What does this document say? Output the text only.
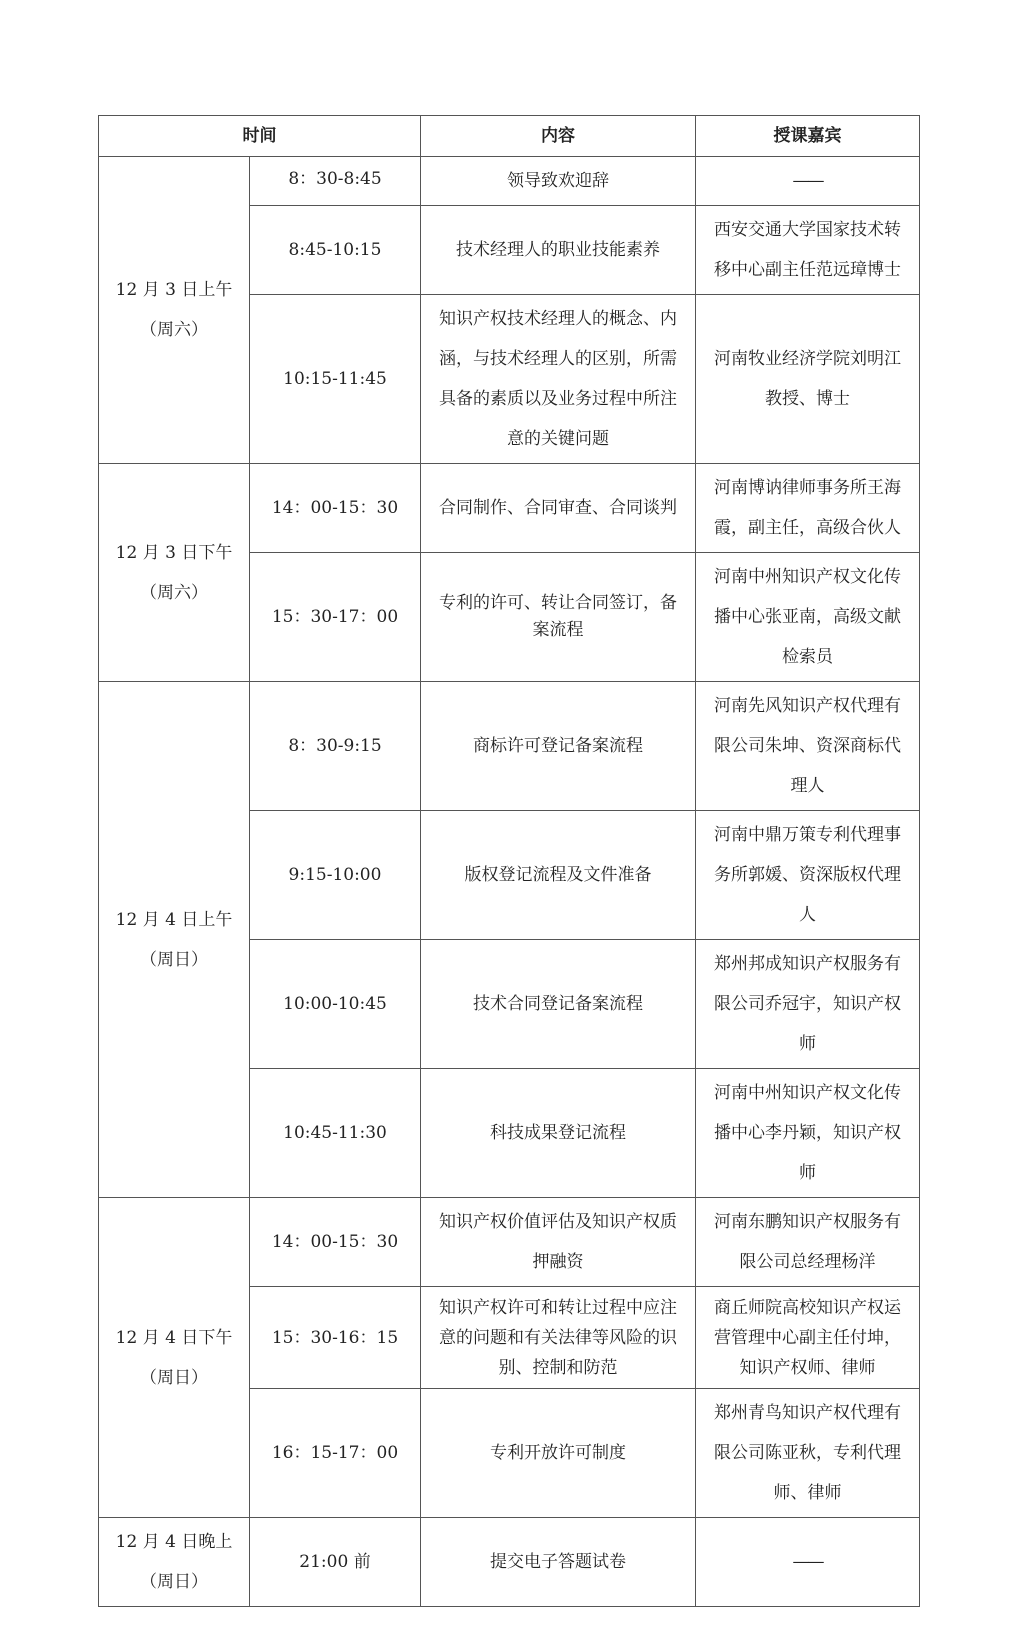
时间		内容	授课嘉宾

12 月 3 日上午
（周六）	8：30-8:45	领导致欢迎辞	——
	8:45-10:15	技术经理人的职业技能素养	西安交通大学国家技术转移中心副主任范远璋博士
	10:15-11:45	知识产权技术经理人的概念、内涵，与技术经理人的区别，所需具备的素质以及业务过程中所注意的关键问题	河南牧业经济学院刘明江教授、博士

12 月 3 日下午
（周六）	14：00-15：30	合同制作、合同审查、合同谈判	河南博讷律师事务所王海霞，副主任，高级合伙人
	15：30-17：00	专利的许可、转让合同签订，备案流程	河南中州知识产权文化传播中心张亚南，高级文献检索员

12 月 4 日上午
（周日）	8：30-9:15	商标许可登记备案流程	河南先风知识产权代理有限公司朱坤、资深商标代理人
	9:15-10:00	版权登记流程及文件准备	河南中鼎万策专利代理事务所郭媛、资深版权代理人
	10:00-10:45	技术合同登记备案流程	郑州邦成知识产权服务有限公司乔冠宇，知识产权师
	10:45-11:30	科技成果登记流程	河南中州知识产权文化传播中心李丹颖，知识产权师

12 月 4 日下午
（周日）	14：00-15：30	知识产权价值评估及知识产权质押融资	河南东鹏知识产权服务有限公司总经理杨洋
	15：30-16：15	知识产权许可和转让过程中应注意的问题和有关法律等风险的识别、控制和防范	商丘师院高校知识产权运营管理中心副主任付坤，知识产权师、律师
	16：15-17：00	专利开放许可制度	郑州青鸟知识产权代理有限公司陈亚秋，专利代理师、律师

12 月 4 日晚上
（周日）	21:00 前	提交电子答题试卷	——
